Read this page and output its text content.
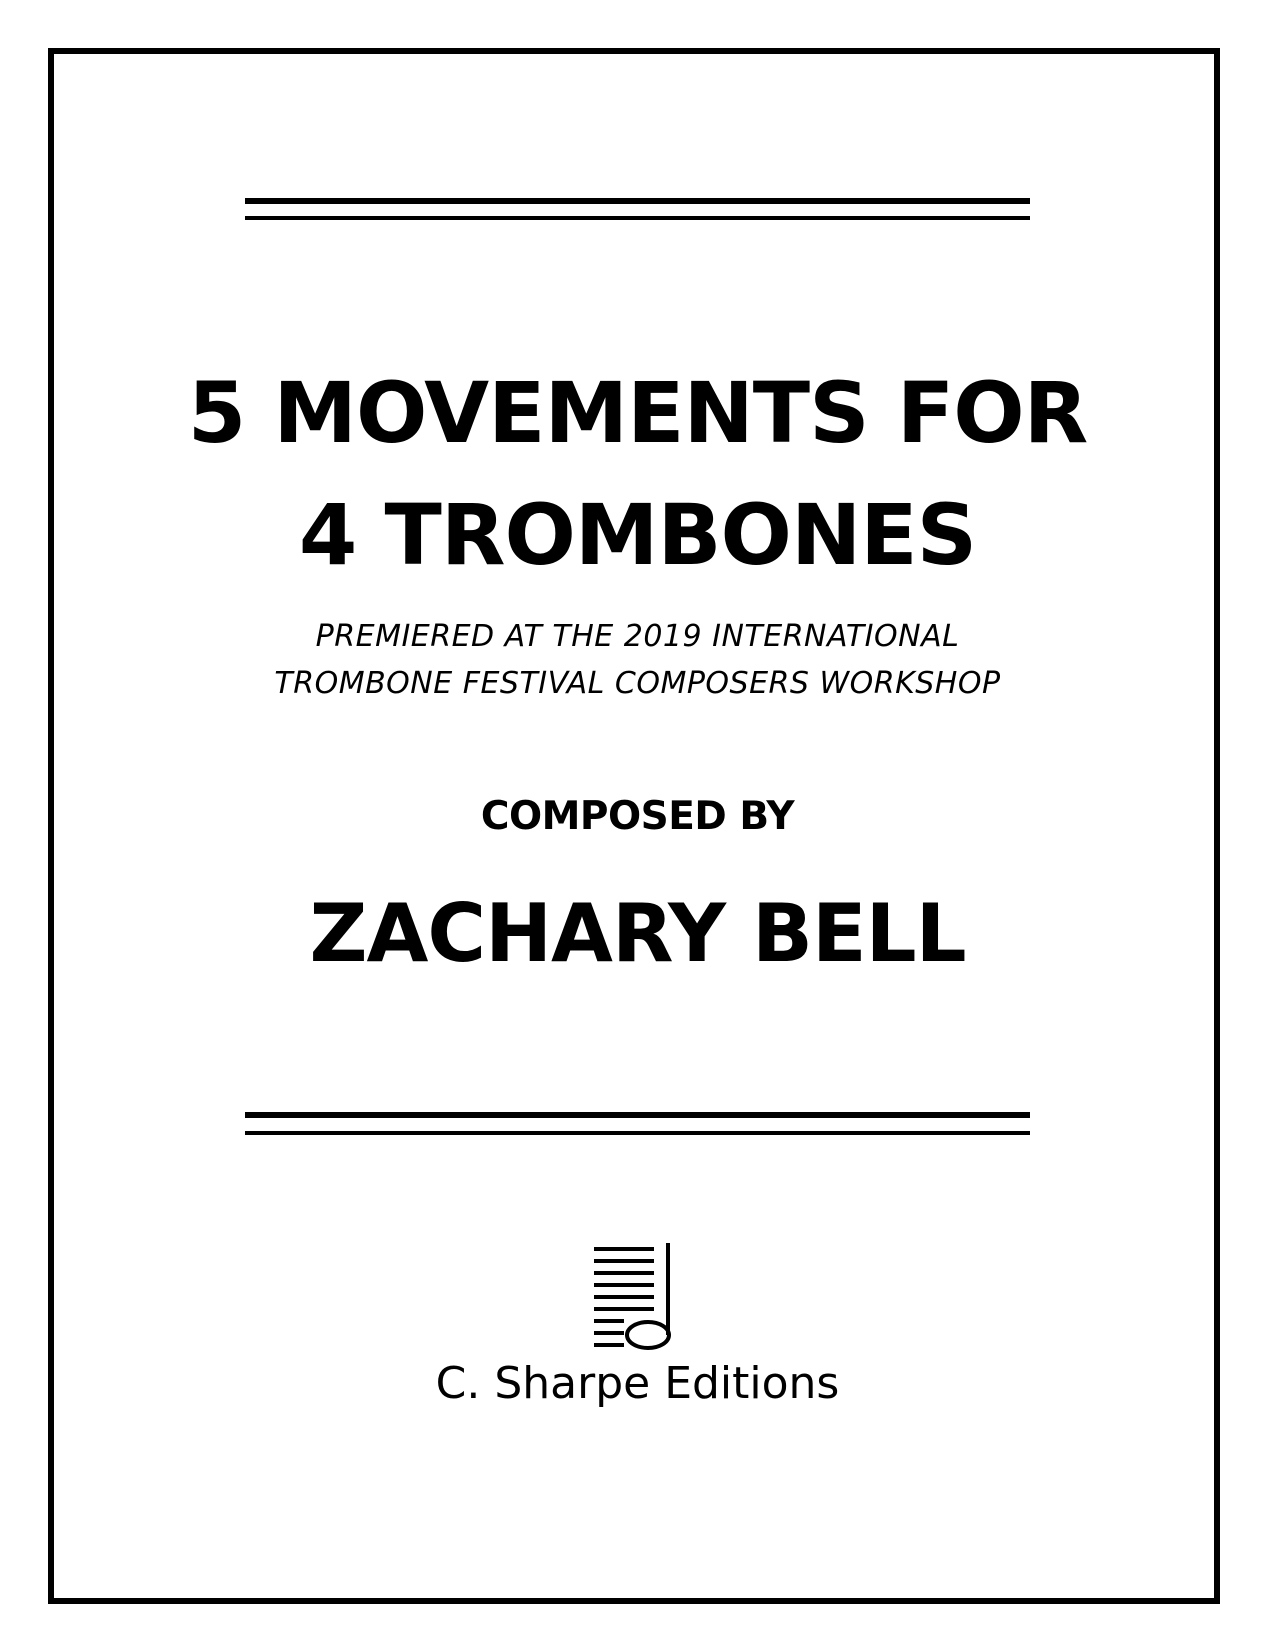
5 MOVEMENTS FOR
4 TROMBONES
PREMIERED AT THE 2019 INTERNATIONAL
TROMBONE FESTIVAL COMPOSERS WORKSHOP
COMPOSED BY
ZACHARY BELL
C. Sharpe Editions
